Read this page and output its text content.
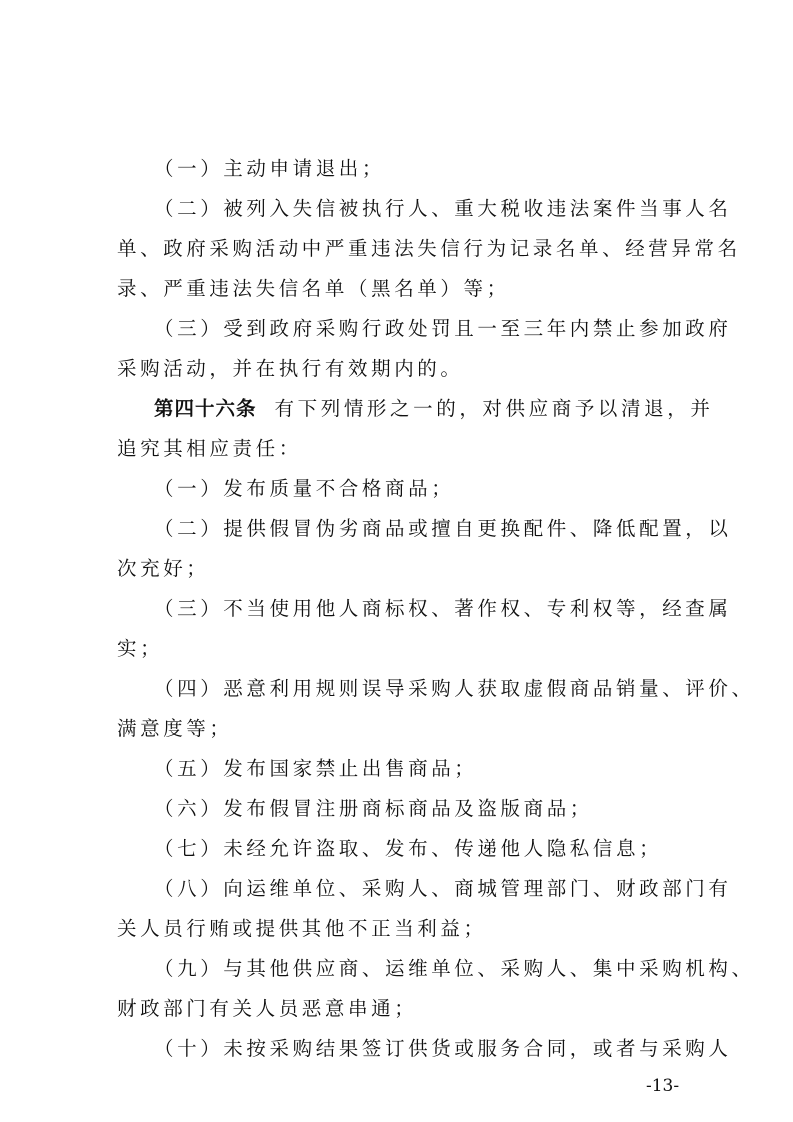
（一）主动申请退出；
（二）被列入失信被执行人、重大税收违法案件当事人名
单、政府采购活动中严重违法失信行为记录名单、经营异常名
录、严重违法失信名单（黑名单）等；
（三）受到政府采购行政处罚且一至三年内禁止参加政府
采购活动，并在执行有效期内的。
第四十六条 有下列情形之一的，对供应商予以清退，并
追究其相应责任：
（一）发布质量不合格商品；
（二）提供假冒伪劣商品或擅自更换配件、降低配置，以
次充好；
（三）不当使用他人商标权、著作权、专利权等，经查属
实；
（四）恶意利用规则误导采购人获取虚假商品销量、评价、
满意度等；
（五）发布国家禁止出售商品；
（六）发布假冒注册商标商品及盗版商品；
（七）未经允许盗取、发布、传递他人隐私信息；
（八）向运维单位、采购人、商城管理部门、财政部门有
关人员行贿或提供其他不正当利益；
（九）与其他供应商、运维单位、采购人、集中采购机构、
财政部门有关人员恶意串通；
（十）未按采购结果签订供货或服务合同，或者与采购人
-13-
